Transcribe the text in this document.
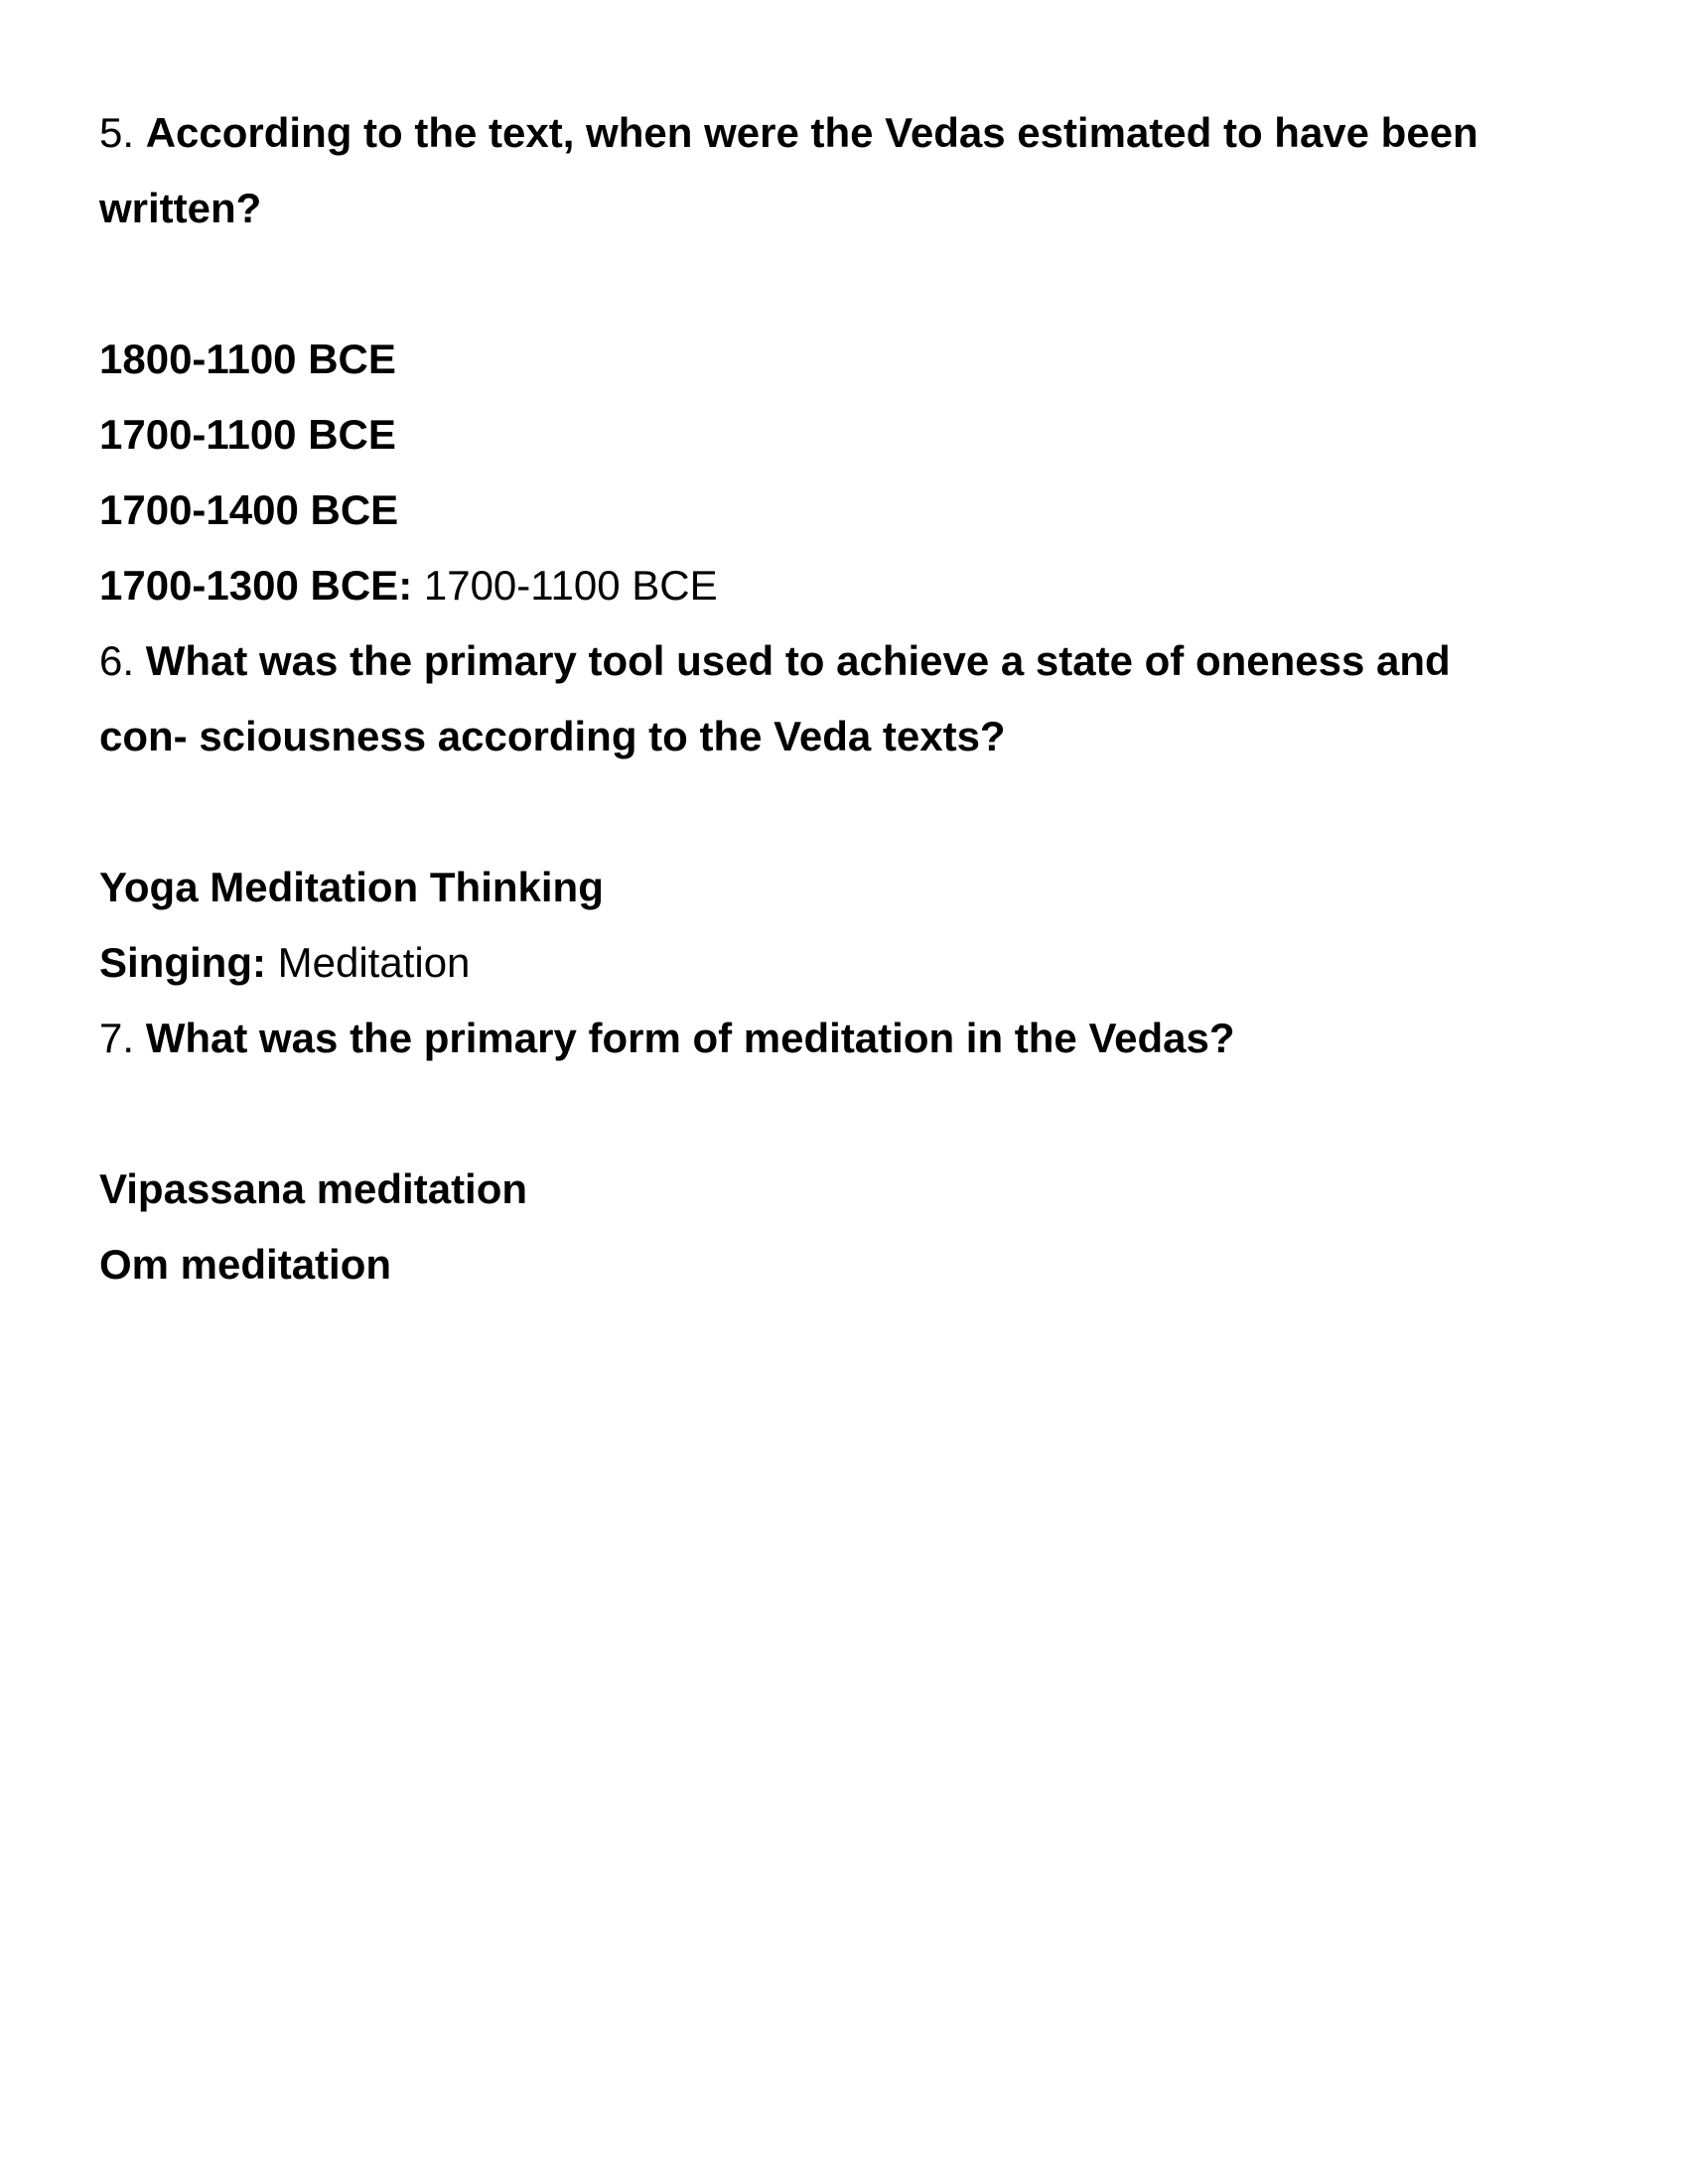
5. According to the text, when were the Vedas estimated to have been written?
1800-1100 BCE
1700-1100 BCE
1700-1400 BCE
1700-1300 BCE: 1700-1100 BCE
6. What was the primary tool used to achieve a state of oneness and con- sciousness according to the Veda texts?
Yoga Meditation Thinking
Singing: Meditation
7. What was the primary form of meditation in the Vedas?
Vipassana meditation
Om meditation
